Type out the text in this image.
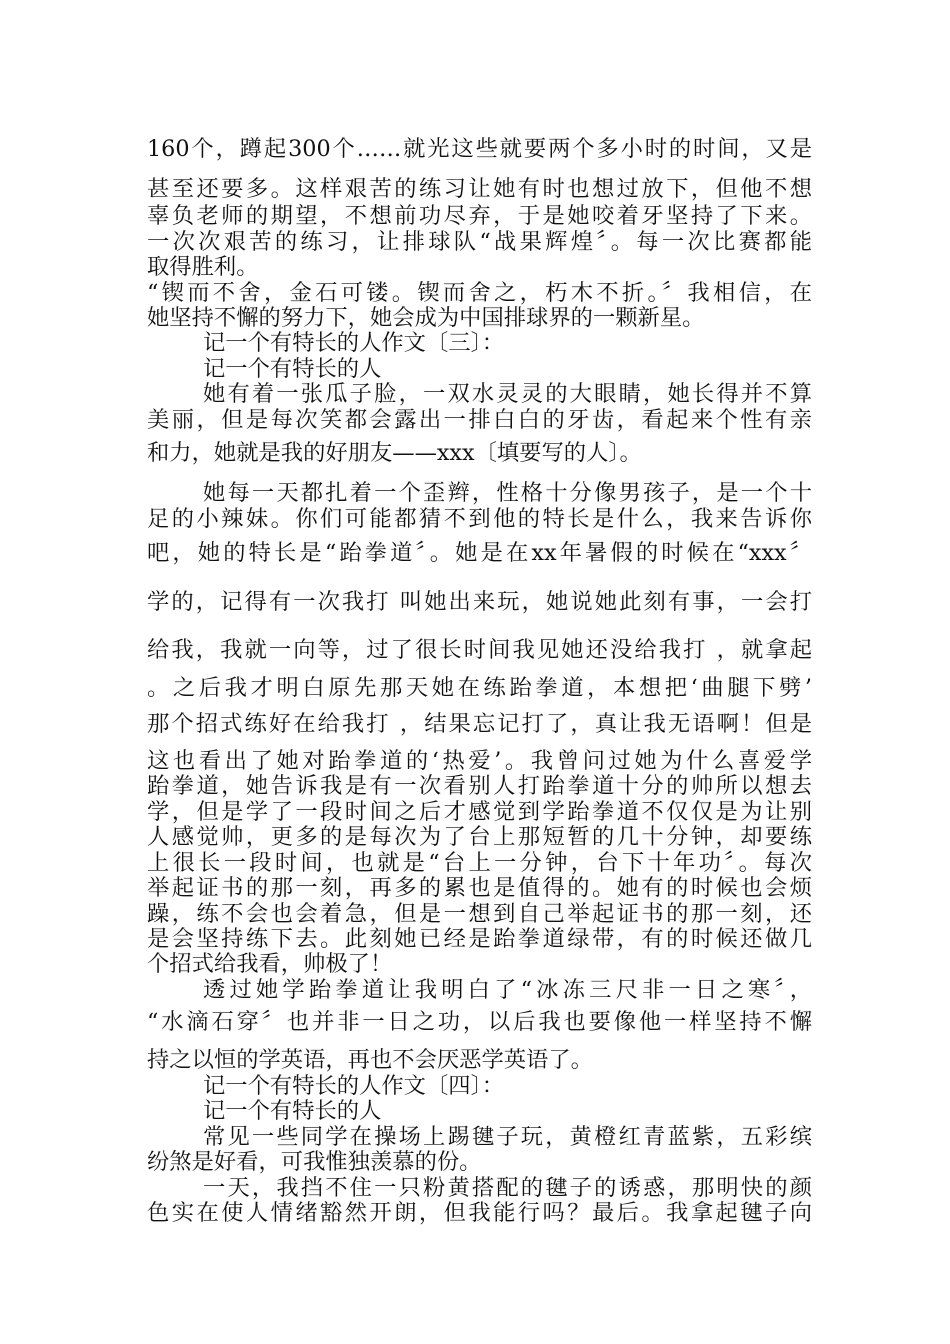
160个，蹲起300个……就光这些就要两个多小时的时间，又是

甚至还要多。这样艰苦的练习让她有时也想过放下，但他不想

辜负老师的期望，不想前功尽弃，于是她咬着牙坚持了下来。

一次次艰苦的练习，让排球队“战果辉煌〞。每一次比赛都能

取得胜利。

“锲而不舍，金石可镂。锲而舍之，朽木不折。〞我相信，在

她坚持不懈的努力下，她会成为中国排球界的一颗新星。

记一个有特长的人作文〔三〕：

记一个有特长的人

她有着一张瓜子脸，一双水灵灵的大眼睛，她长得并不算

美丽，但是每次笑都会露出一排白白的牙齿，看起来个性有亲

和力，她就是我的好朋友——xxx〔填要写的人〕。

她每一天都扎着一个歪辫，性格十分像男孩子，是一个十

足的小辣妹。你们可能都猜不到他的特长是什么，我来告诉你

吧，她的特长是“跆拳道〞。她是在xx年暑假的时候在“xxx〞

学的，记得有一次我打 叫她出来玩，她说她此刻有事，一会打

给我，我就一向等，过了很长时间我见她还没给我打 ，就拿起

。之后我才明白原先那天她在练跆拳道，本想把‘曲腿下劈’

那个招式练好在给我打 ，结果忘记打了，真让我无语啊！但是

这也看出了她对跆拳道的‘热爱’。我曾问过她为什么喜爱学

跆拳道，她告诉我是有一次看别人打跆拳道十分的帅所以想去

学，但是学了一段时间之后才感觉到学跆拳道不仅仅是为让别

人感觉帅，更多的是每次为了台上那短暂的几十分钟，却要练

上很长一段时间，也就是“台上一分钟，台下十年功〞。每次

举起证书的那一刻，再多的累也是值得的。她有的时候也会烦

躁，练不会也会着急，但是一想到自己举起证书的那一刻，还

是会坚持练下去。此刻她已经是跆拳道绿带，有的时候还做几

个招式给我看，帅极了！

透过她学跆拳道让我明白了“冰冻三尺非一日之寒〞，

“水滴石穿〞也并非一日之功，以后我也要像他一样坚持不懈

持之以恒的学英语，再也不会厌恶学英语了。

记一个有特长的人作文〔四〕：

记一个有特长的人

常见一些同学在操场上踢毽子玩，黄橙红青蓝紫，五彩缤

纷煞是好看，可我惟独羡慕的份。

一天，我挡不住一只粉黄搭配的毽子的诱惑，那明快的颜

色实在使人情绪豁然开朗，但我能行吗？最后。我拿起毽子向
